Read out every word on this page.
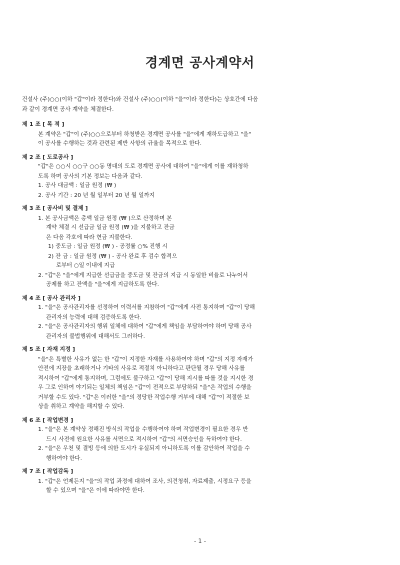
경계면 공사계약서

건설사 (주)○○(이하 "갑"이라 정한다)와 건설사 (주)○○(이하 "을"이라 정한다)는 상호간에 다음

과 같이 경계면 공사 계약을 체결한다.

제 1 조 [ 목 적 ]

본 계약은 "갑"이 (주)○○으로부터 하청받은 경계면 공사를 "을"에게 재하도급하고 "을"

이 공사를 수행하는 것과 관련된 제반 사항의 규율을 목적으로 한다.

제 2 조 [ 도로공사 ]

"갑"은 ○○시 ○○구 ○○동 명대의 도로 경계면 공사에 대하여 "을"에게 이를 재하청하

도록 하며 공사의 기본 정보는 다음과 같다.

1. 공사 대금액 : 일금 원정 (₩ )

2. 공사 기간 : 20 년 월 일부터 20 년 월 일까지

제 3 조 [ 공사비 및 결제 ]

1. 본 공사금액은 총액 일금 원정 (₩ )으로 산정하며 본

계약 체결 시 선급금 일금 원정 (₩ )을 지불하고 잔금

은 다음 각호에 따라 현금 지불한다.

1) 중도금 : 일금 원정 (₩ ) - 공정률 ○% 진행 시

2) 잔 금 : 일금 원정 (₩ ) - 공사 완료 후 검수 합격으

로부터 ○일 이내에 지급

2. "갑"은 "을"에게 지급한 선급금을 중도금 및 잔금의 지급 시 동일한 비율로 나누어서

공제를 하고 잔액을 "을"에게 지급하도록 한다.

제 4 조 [ 공사 관리자 ]

1. "을"은 공사관리자를 선정하여 이력서를 지참하여 "갑"에게 사전 통지하며 "갑"이 당해

관리자의 능력에 대해 검증하도록 한다.

2. "을"은 공사관리자의 행위 일체에 대하여 "갑"에게 책임을 부담하여야 하며 당해 공사

관리자의 불법행위에 대해서도 그러하다.

제 5 조 [ 자재 지정 ]

"을"은 특별한 사유가 없는 한 "갑"이 지정한 자재를 사용하여야 하며 "갑"의 지정 자재가

안전에 지장을 초래하거나 기타의 사유로 적절치 아니하다고 판단될 경우 당해 사유를

적시하여 "갑"에게 통지하며, 그럼에도 불구하고 "갑"이 당해 지시를 따를 것을 지시한 경

우 그로 인하여 야기되는 일체의 책임은 "갑"이 전적으로 부담하되 "을"은 작업의 수행을

거부할 수도 있다. "갑"은 이러한 "을"의 정당한 작업수행 거부에 대해 "갑"이 적절한 보

상을 취하고 계약을 해지할 수 있다.

제 6 조 [ 작업변경 ]

1. "을"은 본 계약상 정해진 방식의 작업을 수행하여야 하며 작업변경이 필요한 경우 반

드시 사전에 원요한 사유를 서면으로 적시하여 "갑"의 서면승인을 득하여야 한다.

2. "을"은 우천 및 결빙 등에 의한 도시가 유실되지 아니하도록 이를 감안하여 작업을 수

행하여야 한다.

제 7 조 [ 작업감독 ]

1. "갑"은 언제든지 "을"의 작업 과정에 대하여 조사, 의견청취, 자료제출, 시정요구 등을

할 수 있으며 "을"은 이에 따라야만 한다.

- 1 -
